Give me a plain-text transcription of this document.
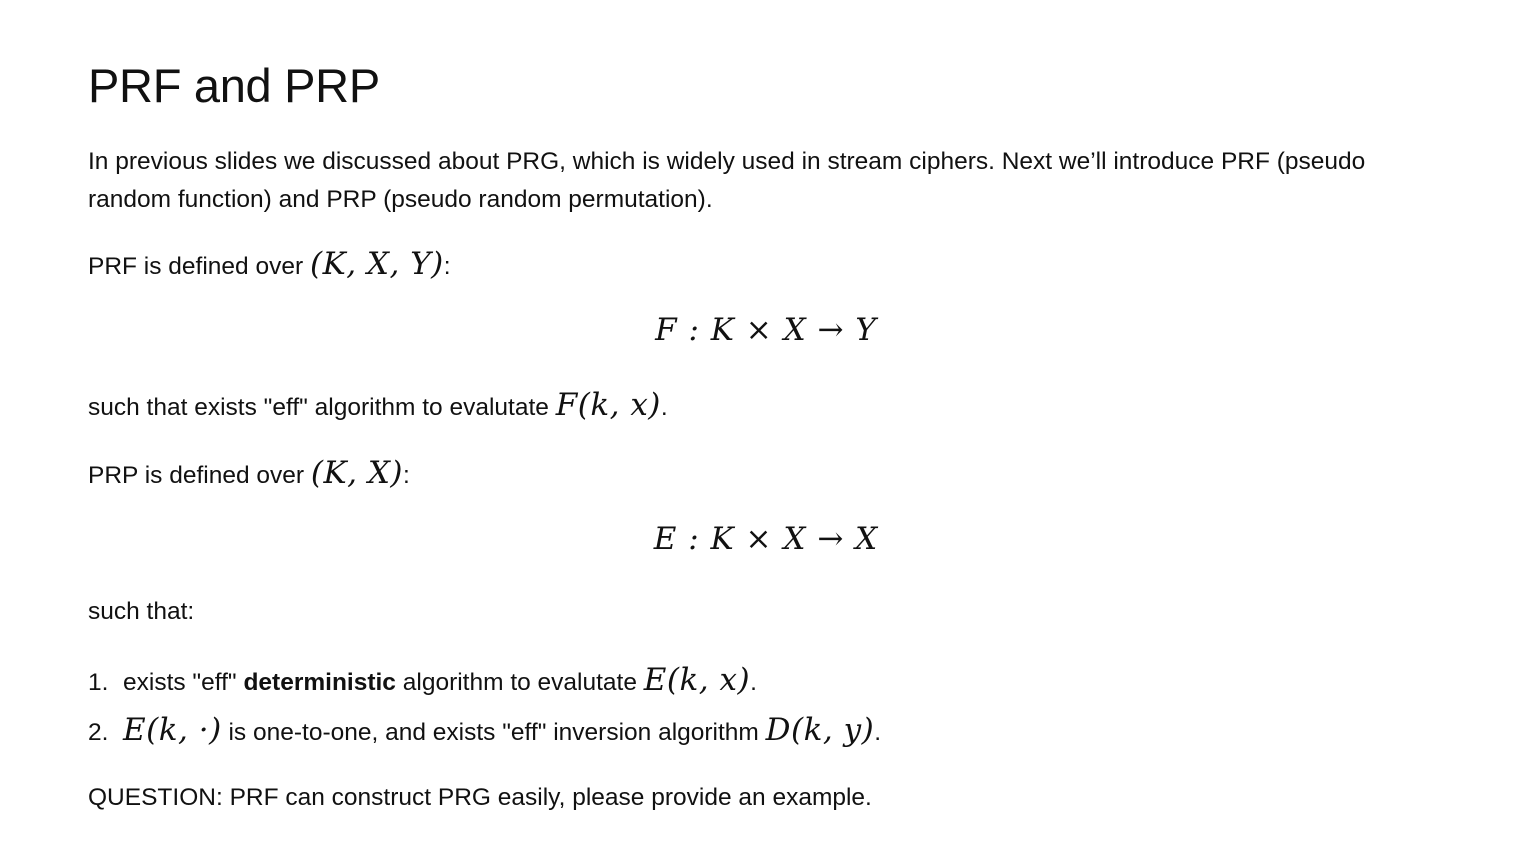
PRF and PRP

In previous slides we discussed about PRG, which is widely used in stream ciphers. Next we’ll introduce PRF (pseudo random function) and PRP (pseudo random permutation).

PRF is defined over (K, X, Y):

F : K × X → Y

such that exists "eff" algorithm to evalutate F(k, x).

PRP is defined over (K, X):

E : K × X → X

such that:

1. exists "eff" deterministic algorithm to evalutate E(k, x).
2. E(k, ·) is one-to-one, and exists "eff" inversion algorithm D(k, y).

QUESTION: PRF can construct PRG easily, please provide an example.
